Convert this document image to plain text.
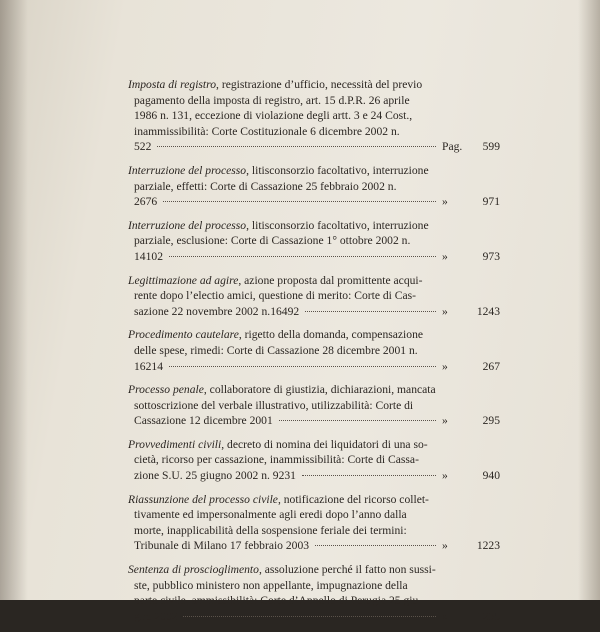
Imposta di registro, registrazione d’ufficio, necessità del previo
pagamento della imposta di registro, art. 15 d.P.R. 26 aprile
1986 n. 131, eccezione di violazione degli artt. 3 e 24 Cost.,
inammissibilità: Corte Costituzionale 6 dicembre 2002 n.
522	Pag.	599
Interruzione del processo, litisconsorzio facoltativo, interruzione
parziale, effetti: Corte di Cassazione 25 febbraio 2002 n.
2676	»	971
Interruzione del processo, litisconsorzio facoltativo, interruzione
parziale, esclusione: Corte di Cassazione 1° ottobre 2002 n.
14102	»	973
Legittimazione ad agire, azione proposta dal promittente acqui-
rente dopo l’electio amici, questione di merito: Corte di Cas-
sazione 22 novembre 2002 n.16492	»	1243
Procedimento cautelare, rigetto della domanda, compensazione
delle spese, rimedi: Corte di Cassazione 28 dicembre 2001 n.
16214	»	267
Processo penale, collaboratore di giustizia, dichiarazioni, mancata
sottoscrizione del verbale illustrativo, utilizzabilità: Corte di
Cassazione 12 dicembre 2001	»	295
Provvedimenti civili, decreto di nomina dei liquidatori di una so-
cietà, ricorso per cassazione, inammissibilità: Corte di Cassa-
zione S.U. 25 giugno 2002 n. 9231	»	940
Riassunzione del processo civile, notificazione del ricorso collet-
tivamente ed impersonalmente agli eredi dopo l’anno dalla
morte, inapplicabilità della sospensione feriale dei termini:
Tribunale di Milano 17 febbraio 2003	»	1223
Sentenza di proscioglimento, assoluzione perché il fatto non sussi-
ste, pubblico ministero non appellante, impugnazione della
parte civile, ammissibilità: Corte d’Appello di Perugia 25 giu-
gno 2002	»	1235
